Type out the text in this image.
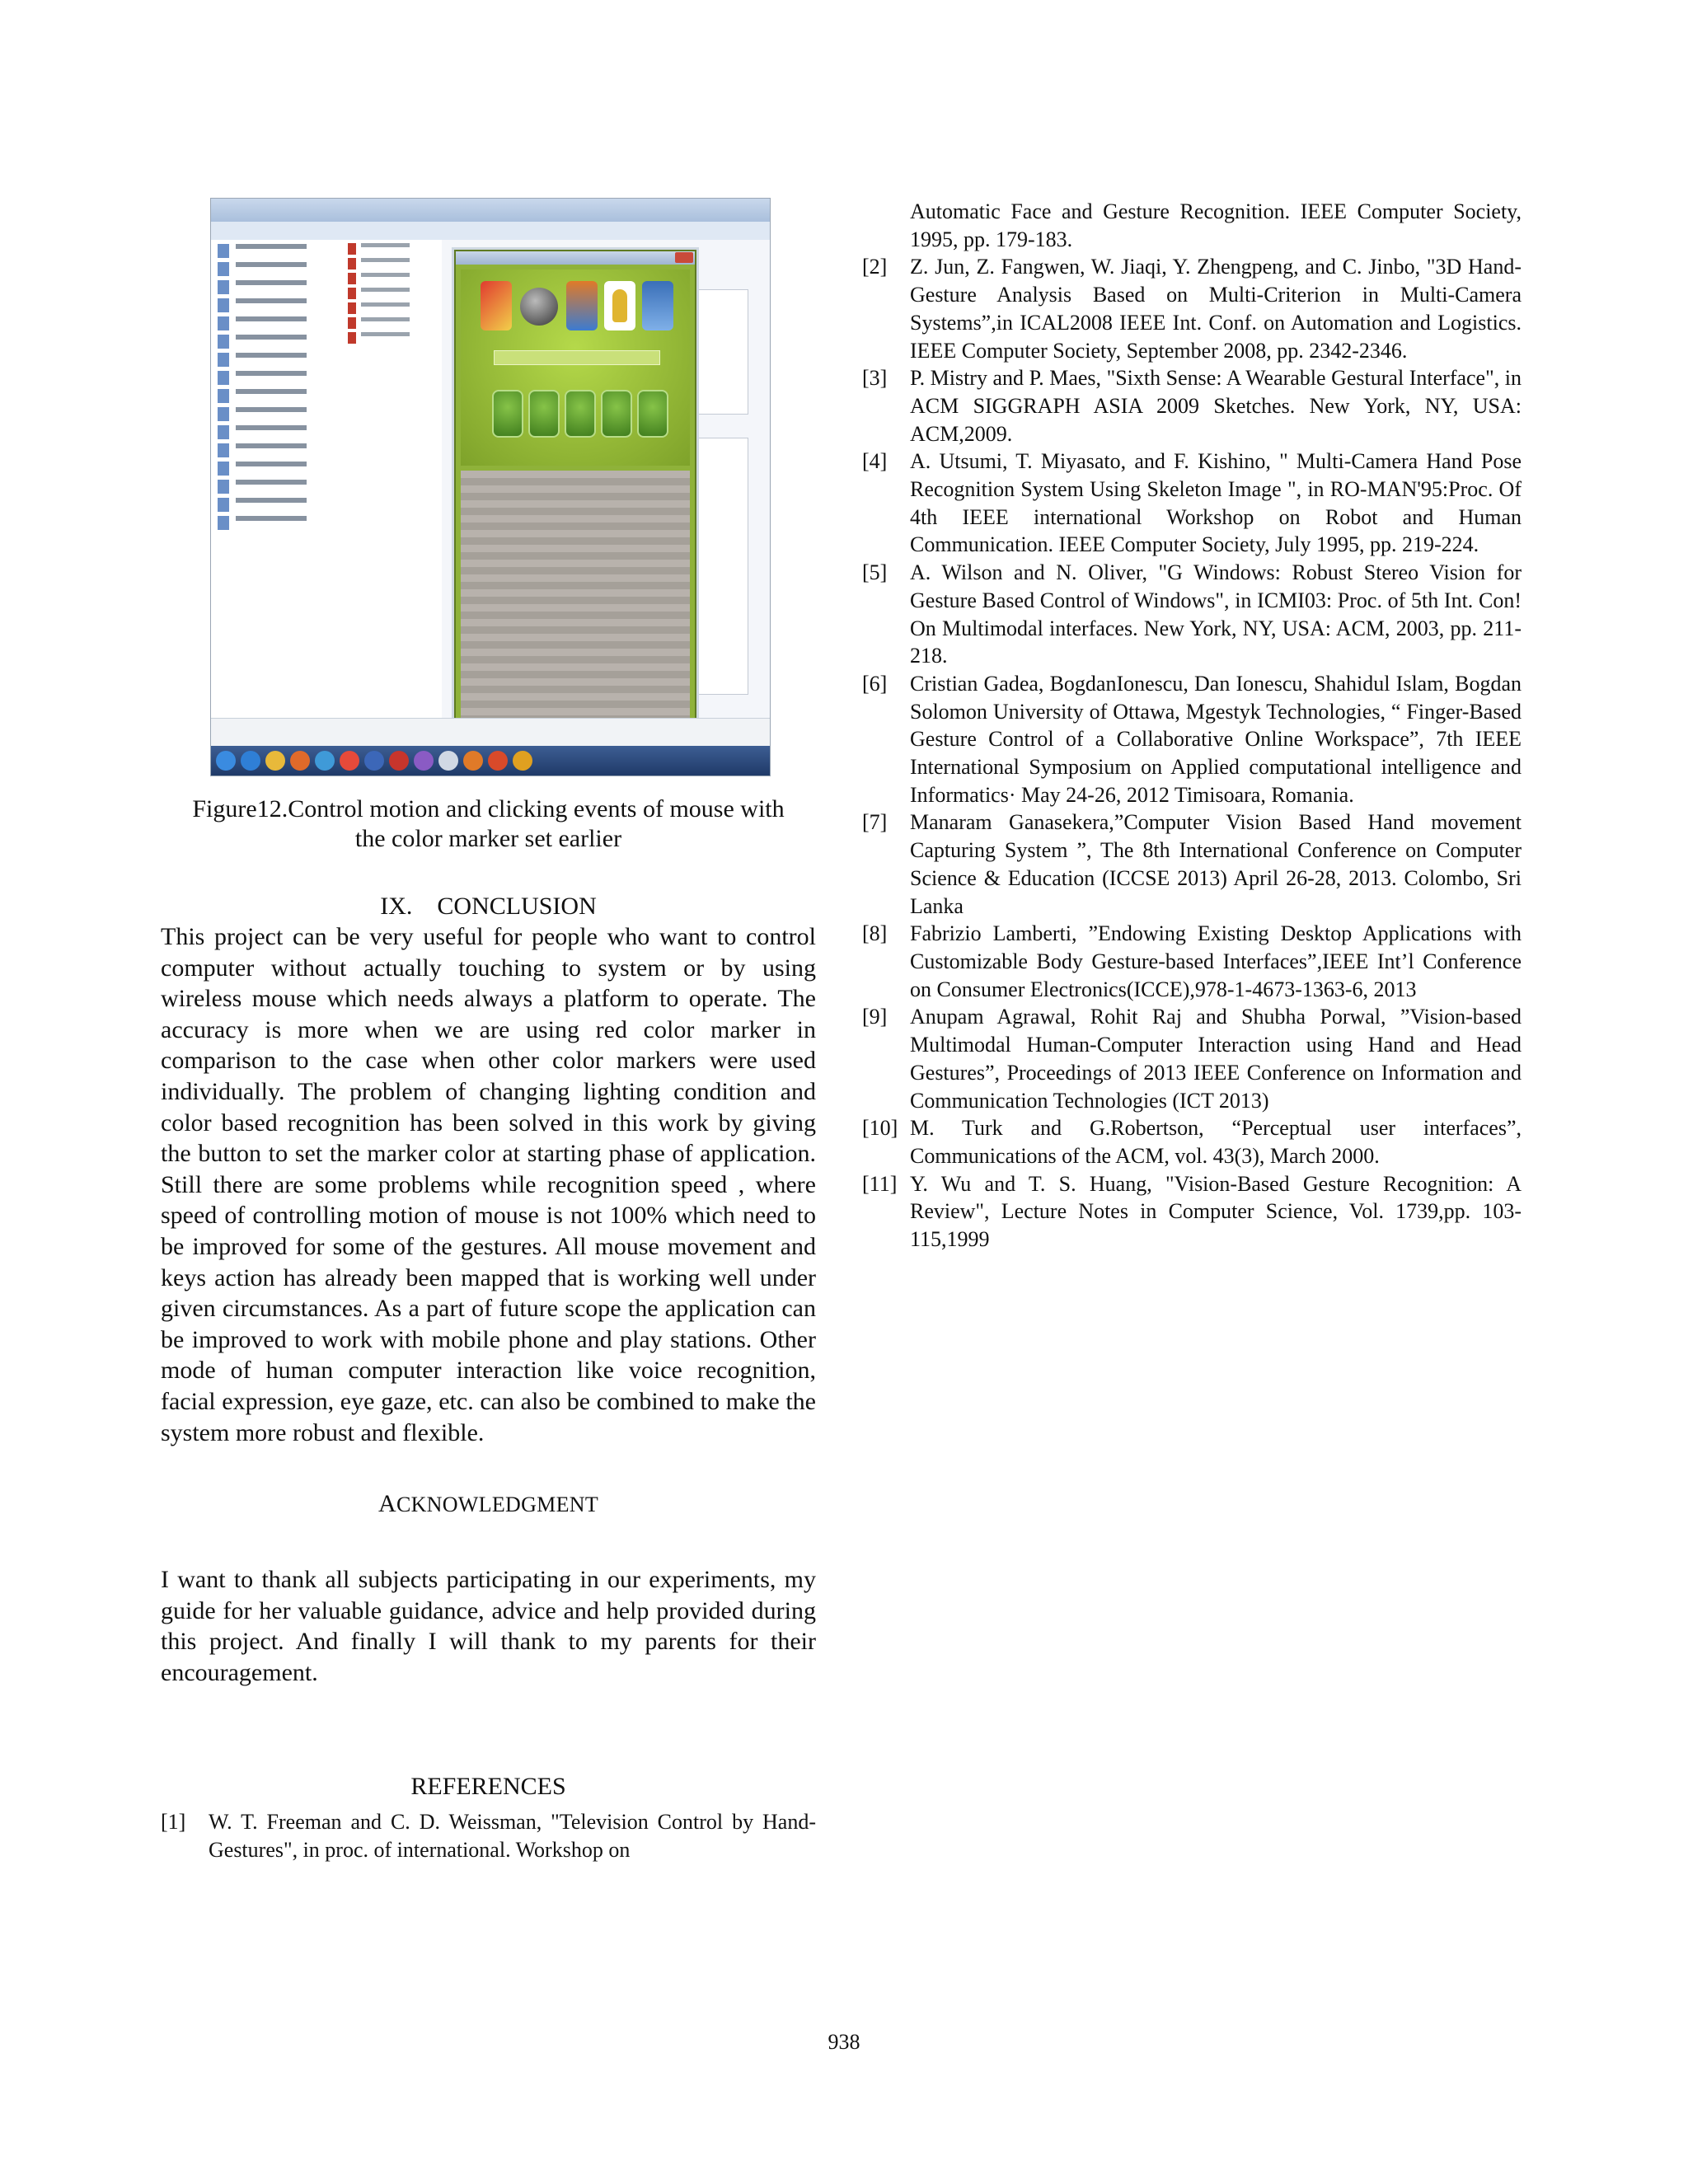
Figure12.Control motion and clicking events of mouse with
the color marker set earlier
IX.    CONCLUSION

This project can be very useful for people who want to control computer without actually touching to system or by using wireless mouse which needs always a platform to operate. The accuracy is more when we are using red color marker in comparison to the case when other color markers were used individually. The problem of changing lighting condition and color based recognition has been solved in this work by giving the button to set the marker color at starting phase of application. Still there are some problems while recognition speed , where speed of controlling motion of mouse is not 100% which need to be improved for some of the gestures. All mouse movement and keys action has already been mapped that is working well under given circumstances. As a part of future scope the application can be improved to work with mobile phone and play stations. Other mode of human computer interaction like voice recognition, facial expression, eye gaze, etc. can also be combined to make the system more robust and flexible.

ACKNOWLEDGMENT

I want to thank all subjects participating in our experiments, my guide for her valuable guidance, advice and help provided during this project. And finally I will thank to my parents for their encouragement.

REFERENCES
[1]	W. T. Freeman and C. D. Weissman, "Television Control by Hand-Gestures", in proc. of international. Workshop on
Automatic Face and Gesture Recognition. IEEE Computer Society, 1995, pp. 179-183.
[2]	Z. Jun, Z. Fangwen, W. Jiaqi, Y. Zhengpeng, and C. Jinbo, "3D Hand-Gesture Analysis Based on Multi-Criterion in Multi-Camera Systems”,in ICAL2008 IEEE Int. Conf. on Automation and Logistics. IEEE Computer Society, September 2008, pp. 2342-2346.
[3]	P. Mistry and P. Maes, "Sixth Sense: A Wearable Gestural Interface", in ACM SIGGRAPH ASIA 2009 Sketches. New York, NY, USA: ACM,2009.
[4]	A. Utsumi, T. Miyasato, and F. Kishino, " Multi-Camera Hand Pose Recognition System Using Skeleton Image ", in RO-MAN'95:Proc. Of 4th IEEE international Workshop on Robot and Human Communication. IEEE Computer Society, July 1995, pp. 219-224.
[5]	A. Wilson and N. Oliver, "G Windows: Robust Stereo Vision for Gesture Based Control of Windows", in ICMI03: Proc. of 5th Int. Con! On Multimodal interfaces. New York, NY, USA: ACM, 2003, pp. 211-218.
[6]	Cristian Gadea, BogdanIonescu, Dan Ionescu, Shahidul Islam, Bogdan Solomon University of Ottawa, Mgestyk Technologies, “ Finger-Based Gesture Control of a Collaborative Online Workspace”, 7th IEEE International Symposium on Applied computational intelligence and Informatics· May 24-26, 2012 Timisoara, Romania.
[7]	Manaram Ganasekera,”Computer Vision Based Hand movement Capturing System ”, The 8th International Conference on Computer Science & Education (ICCSE 2013) April 26-28, 2013. Colombo, Sri Lanka
[8]	Fabrizio Lamberti, ”Endowing Existing Desktop Applications with Customizable Body Gesture-based Interfaces”,IEEE Int’l Conference on Consumer Electronics(ICCE),978-1-4673-1363-6, 2013
[9]	Anupam Agrawal, Rohit Raj and Shubha Porwal, ”Vision-based Multimodal Human-Computer Interaction using Hand and Head Gestures”, Proceedings of 2013 IEEE Conference on Information and Communication Technologies (ICT 2013)
[10] M. Turk and G.Robertson, “Perceptual user interfaces”, Communications of the ACM, vol. 43(3), March 2000.
[11] Y. Wu and T. S. Huang, "Vision-Based Gesture Recognition: A Review", Lecture Notes in Computer Science, Vol. 1739,pp. 103-115,1999
938
